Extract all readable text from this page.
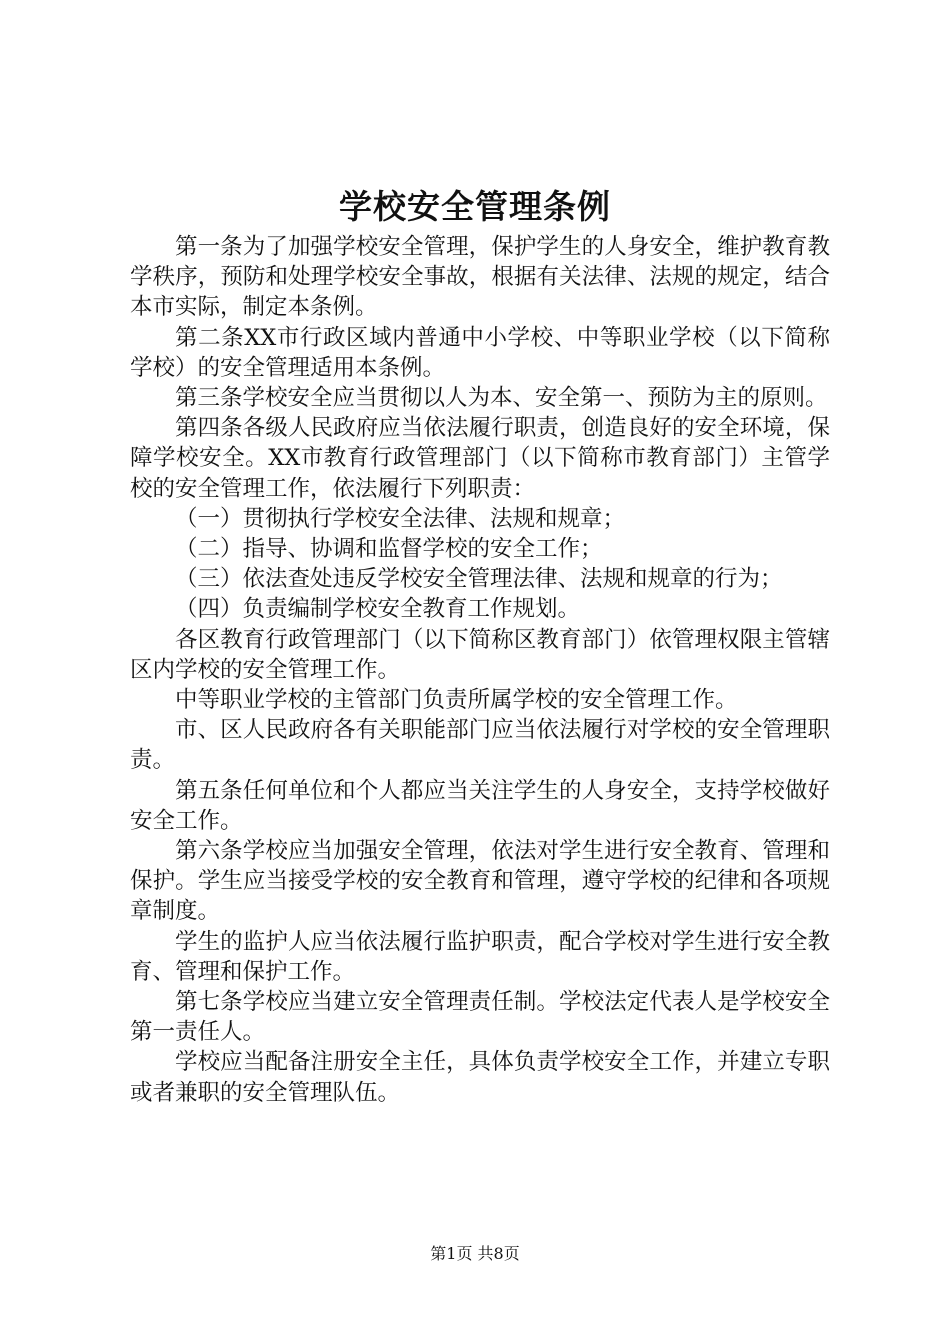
学校安全管理条例

第一条为了加强学校安全管理，保护学生的人身安全，维护教育教学秩序，预防和处理学校安全事故，根据有关法律、法规的规定，结合本市实际，制定本条例。

第二条XX市行政区域内普通中小学校、中等职业学校（以下简称学校）的安全管理适用本条例。

第三条学校安全应当贯彻以人为本、安全第一、预防为主的原则。

第四条各级人民政府应当依法履行职责，创造良好的安全环境，保障学校安全。XX市教育行政管理部门（以下简称市教育部门）主管学校的安全管理工作，依法履行下列职责：

（一）贯彻执行学校安全法律、法规和规章；

（二）指导、协调和监督学校的安全工作；

（三）依法查处违反学校安全管理法律、法规和规章的行为；

（四）负责编制学校安全教育工作规划。

各区教育行政管理部门（以下简称区教育部门）依管理权限主管辖区内学校的安全管理工作。

中等职业学校的主管部门负责所属学校的安全管理工作。

市、区人民政府各有关职能部门应当依法履行对学校的安全管理职责。

第五条任何单位和个人都应当关注学生的人身安全，支持学校做好安全工作。

第六条学校应当加强安全管理，依法对学生进行安全教育、管理和保护。学生应当接受学校的安全教育和管理，遵守学校的纪律和各项规章制度。

学生的监护人应当依法履行监护职责，配合学校对学生进行安全教育、管理和保护工作。

第七条学校应当建立安全管理责任制。学校法定代表人是学校安全第一责任人。

学校应当配备注册安全主任，具体负责学校安全工作，并建立专职或者兼职的安全管理队伍。

第1页 共8页
